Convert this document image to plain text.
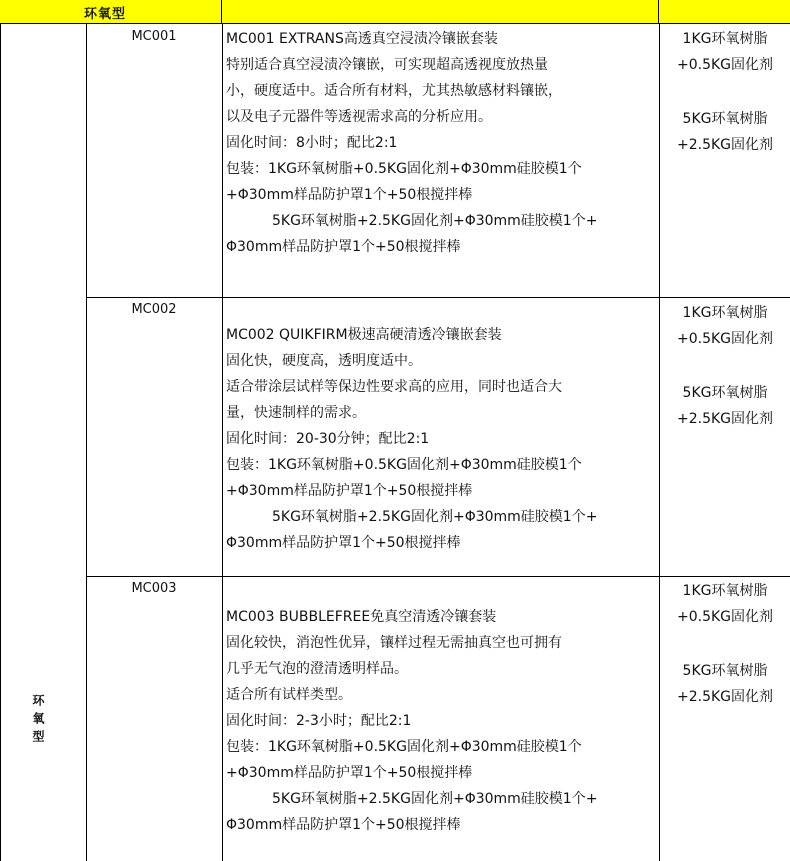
环氧型
环氧型
MC001	MC001 EXTRANS高透真空浸渍冷镶嵌套装
特别适合真空浸渍冷镶嵌，可实现超高透视度放热量
小，硬度适中。适合所有材料，尤其热敏感材料镶嵌，
以及电子元器件等透视需求高的分析应用。
固化时间：8小时；配比2:1
包装：1KG环氧树脂+0.5KG固化剂+Φ30mm硅胶模1个
+Φ30mm样品防护罩1个+50根搅拌棒
5KG环氧树脂+2.5KG固化剂+Φ30mm硅胶模1个+
Φ30mm样品防护罩1个+50根搅拌棒
1KG环氧树脂
+0.5KG固化剂
5KG环氧树脂
+2.5KG固化剂
MC002
MC002 QUIKFIRM极速高硬清透冷镶嵌套装
固化快，硬度高，透明度适中。
适合带涂层试样等保边性要求高的应用，同时也适合大
量，快速制样的需求。
固化时间：20-30分钟；配比2:1
包装：1KG环氧树脂+0.5KG固化剂+Φ30mm硅胶模1个
+Φ30mm样品防护罩1个+50根搅拌棒
5KG环氧树脂+2.5KG固化剂+Φ30mm硅胶模1个+
Φ30mm样品防护罩1个+50根搅拌棒
1KG环氧树脂
+0.5KG固化剂
5KG环氧树脂
+2.5KG固化剂
MC003
MC003 BUBBLEFREE免真空清透冷镶套装
固化较快，消泡性优异，镶样过程无需抽真空也可拥有
几乎无气泡的澄清透明样品。
适合所有试样类型。
固化时间：2-3小时；配比2:1
包装：1KG环氧树脂+0.5KG固化剂+Φ30mm硅胶模1个
+Φ30mm样品防护罩1个+50根搅拌棒
5KG环氧树脂+2.5KG固化剂+Φ30mm硅胶模1个+
Φ30mm样品防护罩1个+50根搅拌棒
1KG环氧树脂
+0.5KG固化剂
5KG环氧树脂
+2.5KG固化剂
